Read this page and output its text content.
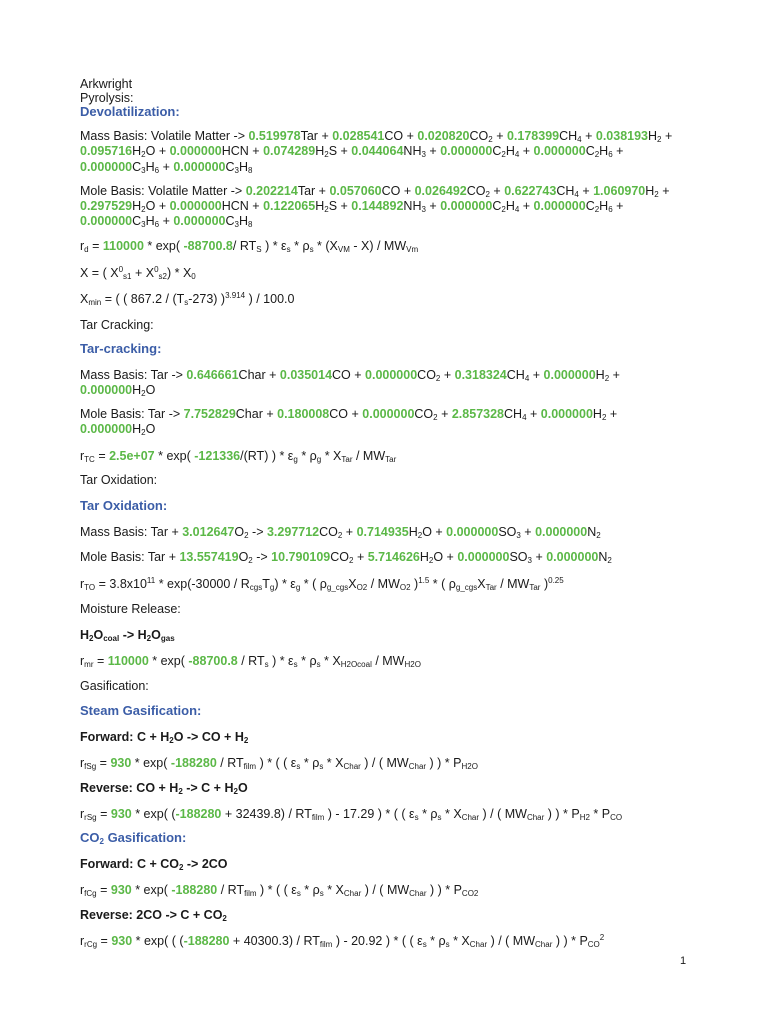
Arkwright
Pyrolysis:
Devolatilization:
Mass Basis: Volatile Matter -> $0.519978Tar + 0.028541CO + 0.020820CO_2 + 0.178399CH_4 + 0.038193H_2$ +
$0.095716H_2O + 0.000000HCN + 0.074289H_2S + 0.044064NH_3 + 0.000000C_2H_4 + 0.000000C_2H_6$ +
$0.000000C_3H_6 + 0.000000C_3H_8$
Mole Basis: Volatile Matter -> $0.202214Tar + 0.057060CO + 0.026492CO_2 + 0.622743CH_4 + 1.060970H_2$ +
$0.297529H_2O + 0.000000HCN + 0.122065H_2S + 0.144892NH_3 + 0.000000C_2H_4 + 0.000000C_2H_6$ +
$0.000000C_3H_6 + 0.000000C_3H_8$
$r_d = 110000 * \exp$( -88700.8/ $RT_S$ ) * $\varepsilon_s * \rho_s * (X_{VM} - X) / MW_{Vm}$
X = ( $X^0_{s1} + X^0_{s2}) * X_0$
$X_{min}$ = ( ( $867.2 / (T_s-273)$ )$^{3.914}$ ) / 100.0
Tar Cracking:
Tar-cracking:
Mass Basis: Tar -> 0.646661Char + $0.035014CO + 0.000000CO_2 + 0.318324CH_4 + 0.000000H_2$ +
$0.000000H_2O$
Mole Basis: Tar -> 7.752829Char + $0.180008CO + 0.000000CO_2 + 2.857328CH_4 + 0.000000H_2$ +
$0.000000H_2O$
$r_{TC} = 2.5e+07 * \exp$( -121336/(RT) ) * $\varepsilon_g * \rho_g * X_{Tar} / MW_{Tar}$
Tar Oxidation:
Tar Oxidation:
Mass Basis: Tar + $3.012647O_2 -> 3.297712CO_2 + 0.714935H_2O + 0.000000SO_3 + 0.000000N_2$
Mole Basis: Tar + $13.557419O_2 -> 10.790109CO_2 + 5.714626H_2O + 0.000000SO_3 + 0.000000N_2$
$r_{TO} = 3.8x10^{11} * \exp(-30000 / R_{cgs}T_g) * \varepsilon_g$ * ( $\rho_{g\_cgs}X_{O2} / MW_{O2}$ )$^{1.5}$ * ( $\rho_{g\_cgs}X_{Tar} / MW_{Tar}$ )$^{0.25}$
Moisture Release:
$H_2O_{coal} -> H_2O_{gas}$
$r_{mr} = 110000 * \exp$( $-88700.8 / RT_s$ ) * $\varepsilon_s * \rho_s * X_{H2Ocoal} / MW_{H2O}$
Gasification:
Steam Gasification:
Forward: $C + H_2O$ -> CO + $H_2$
$r_{fSg} = 930 * \exp$( $-188280 / RT_{film}$ ) * ( ( $\varepsilon_s * \rho_s * X_{Char}$ ) / ( $MW_{Char}$ ) ) * $P_{H2O}$
Reverse: CO + $H_2 -> C + H_2O$
$r_{rSg} = 930 * \exp$( $(-188280 + 32439.8) / RT_{film}$ ) - 17.29 ) * ( ( $\varepsilon_s * \rho_s * X_{Char}$ ) / ( $MW_{Char}$ ) ) * $P_{H2} * P_{CO}$
$CO_2$ Gasification:
Forward: $C + CO_2 -> 2CO$
$r_{fCg} = 930 * \exp$( $-188280 / RT_{film}$ ) * ( ( $\varepsilon_s * \rho_s * X_{Char}$ ) / ( $MW_{Char}$ ) ) * $P_{CO2}$
Reverse: $2CO -> C + CO_2$
$r_{rCg} = 930 * \exp$( ( $(-188280 + 40300.3) / RT_{film}$ ) - 20.92 ) * ( ( $\varepsilon_s * \rho_s * X_{Char}$ ) / ( $MW_{Char}$ ) ) * $P_{CO}^2$
1
